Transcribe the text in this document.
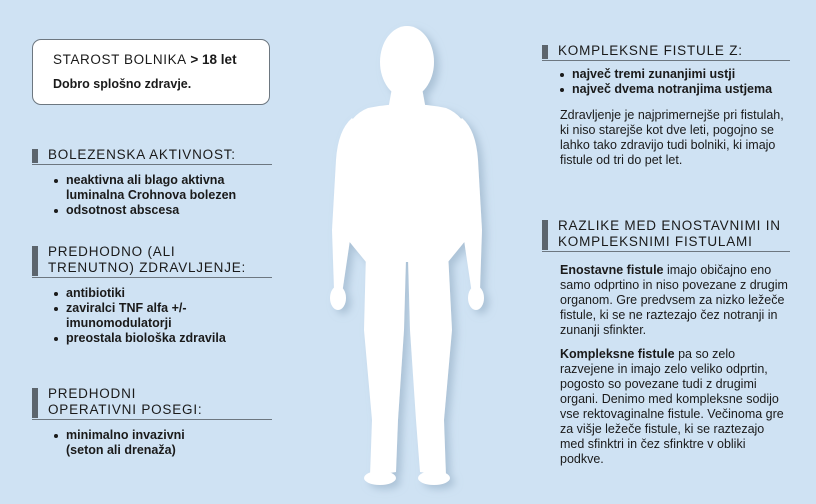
STAROST BOLNIKA > 18 let

Dobro splošno zdravje.
BOLEZENSKA AKTIVNOST:
neaktivna ali blago aktivna luminalna Crohnova bolezen
odsotnost abscesa
PREDHODNO (ALI TRENUTNO) ZDRAVLJENJE:
antibiotiki
zaviralci TNF alfa +/- imunomodulatorji
preostala biološka zdravila
PREDHODNI OPERATIVNI POSEGI:
minimalno invazivni (seton ali drenaža)
KOMPLEKSNE FISTULE Z:
največ tremi zunanjimi ustji
največ dvema notranjima ustjema
Zdravljenje je najprimernejše pri fistulah, ki niso starejše kot dve leti, pogojno se lahko tako zdravijo tudi bolniki, ki imajo fistule od tri do pet let.
RAZLIKE MED ENOSTAVNIMI IN KOMPLEKSNIMI FISTULAMI
Enostavne fistule imajo običajno eno samo odprtino in niso povezane z drugim organom. Gre predvsem za nizko ležeče fistule, ki se ne raztezajo čez notranji in zunanji sfinkter.
Kompleksne fistule pa so zelo razvejene in imajo zelo veliko odprtin, pogosto so povezane tudi z drugimi organi. Denimo med kompleksne sodijo vse rektovaginalne fistule. Večinoma gre za višje ležeče fistule, ki se raztezajo med sfinktri in čez sfinktre v obliki podkve.
